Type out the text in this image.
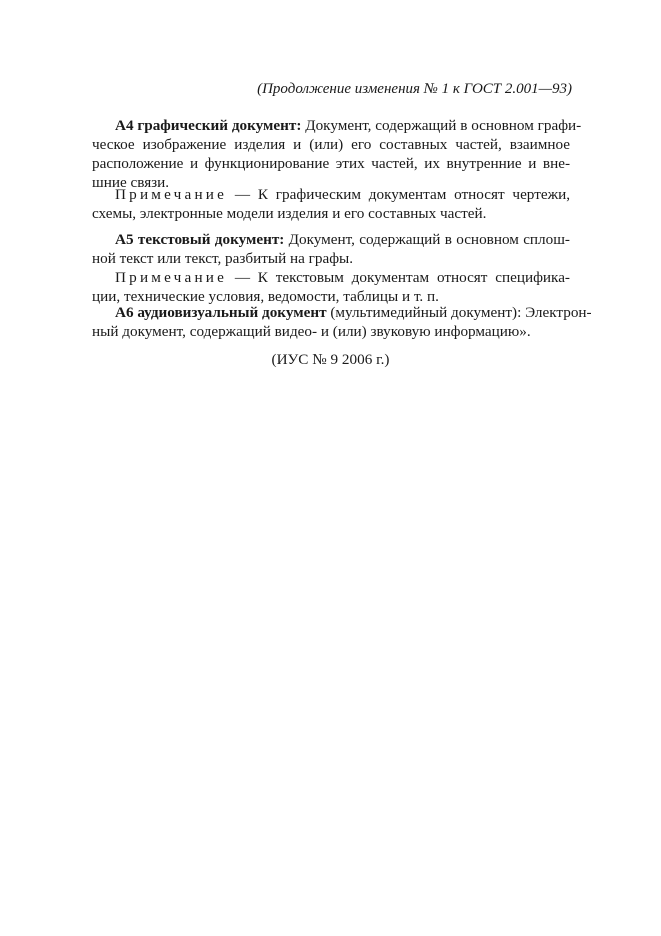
(Продолжение изменения № 1 к ГОСТ 2.001—93)
А4 графический документ: Документ, содержащий в основном графи-
ческое изображение изделия и (или) его составных частей, взаимное
расположение и функционирование этих частей, их внутренние и вне-
шние связи.
Примечание — К графическим документам относят чертежи,
схемы, электронные модели изделия и его составных частей.
А5 текстовый документ: Документ, содержащий в основном сплош-
ной текст или текст, разбитый на графы.
Примечание — К текстовым документам относят специфика-
ции, технические условия, ведомости, таблицы и т. п.
А6 аудиовизуальный документ (мультимедийный документ): Электрон-
ный документ, содержащий видео- и (или) звуковую информацию».
(ИУС № 9 2006 г.)
